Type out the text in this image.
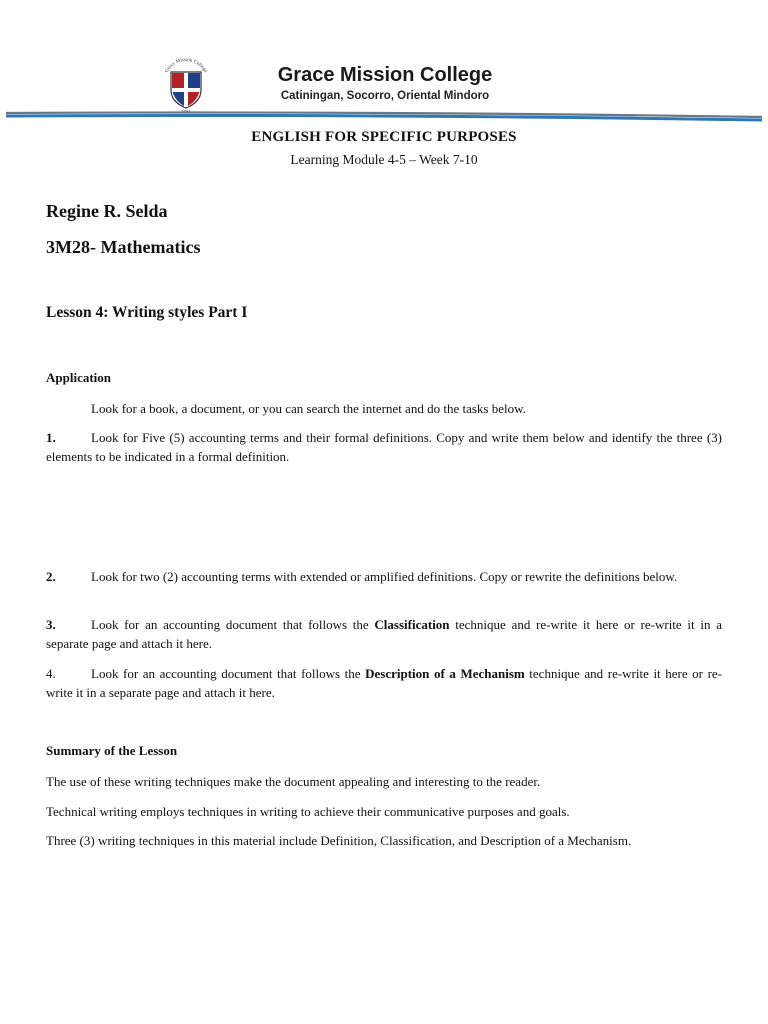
Grace Mission College
1981
Grace Mission College
Catiningan, Socorro, Oriental Mindoro
ENGLISH FOR SPECIFIC PURPOSES
Learning Module 4-5 – Week 7-10
Regine R. Selda
3M28- Mathematics
Lesson 4: Writing styles Part I
Application
Look for a book, a document, or you can search the internet and do the tasks below.
1.	Look for Five (5) accounting terms and their formal definitions. Copy and write them below and identify the three (3) elements to be indicated in a formal definition.
2.	Look for two (2) accounting terms with extended or amplified definitions. Copy or rewrite the definitions below.
3.	Look for an accounting document that follows the Classification technique and re-write it here or re-write it in a separate page and attach it here.
4.	Look for an accounting document that follows the Description of a Mechanism technique and re-write it here or re-write it in a separate page and attach it here.
Summary of the Lesson
The use of these writing techniques make the document appealing and interesting to the reader.
Technical writing employs techniques in writing to achieve their communicative purposes and goals.
Three (3) writing techniques in this material include Definition, Classification, and Description of a Mechanism.
